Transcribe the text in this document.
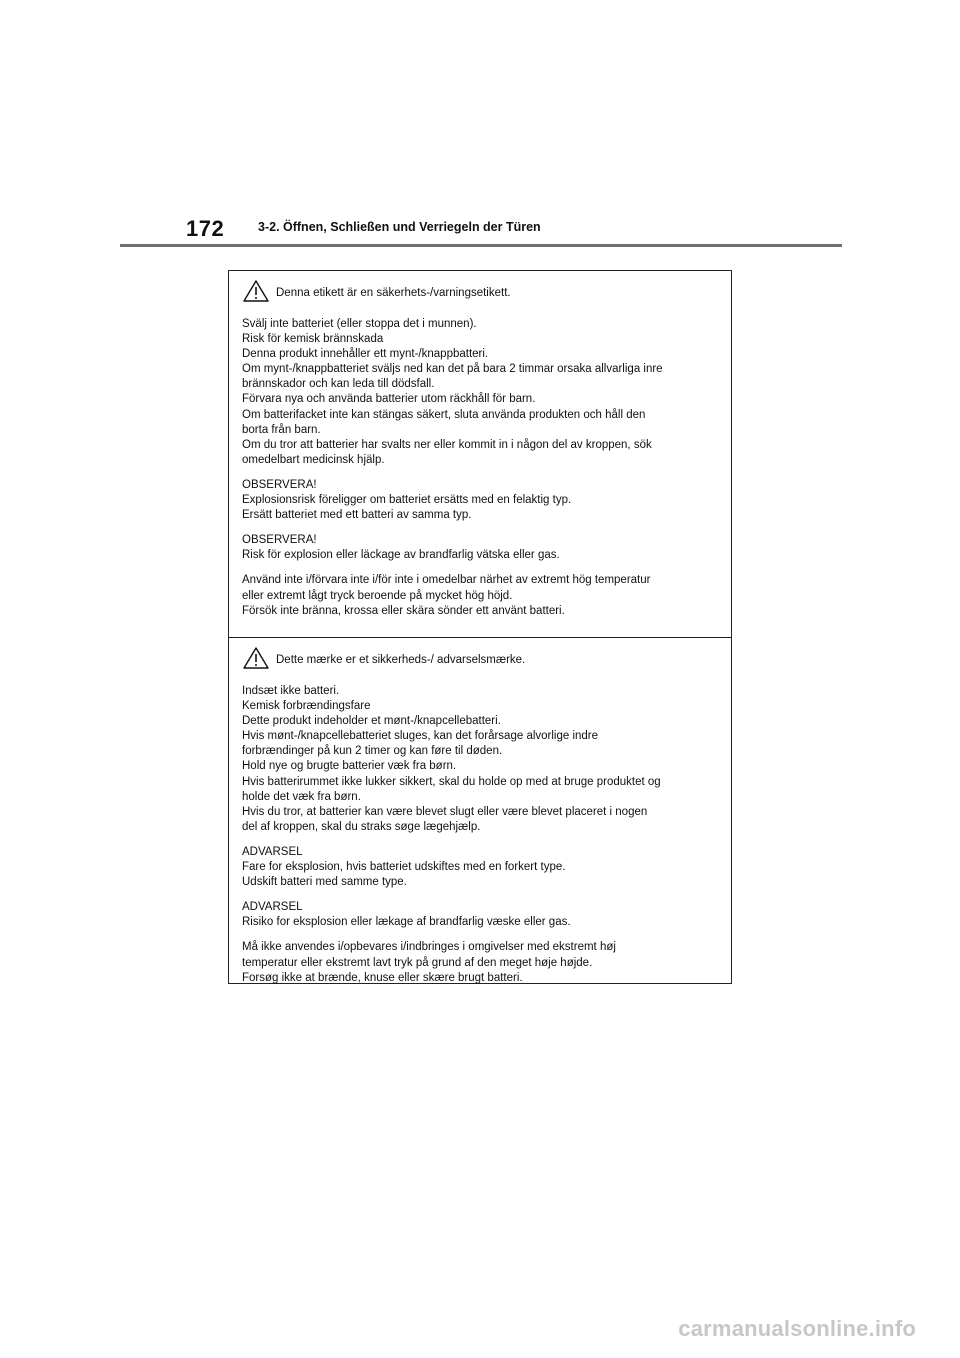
172	3-2. Öffnen, Schließen und Verriegeln der Türen
Denna etikett är en säkerhets-/varningsetikett.
Svälj inte batteriet (eller stoppa det i munnen).
Risk för kemisk brännskada
Denna produkt innehåller ett mynt-/knappbatteri.
Om mynt-/knappbatteriet sväljs ned kan det på bara 2 timmar orsaka allvarliga inre
brännskador och kan leda till dödsfall.
Förvara nya och använda batterier utom räckhåll för barn.
Om batterifacket inte kan stängas säkert, sluta använda produkten och håll den
borta från barn.
Om du tror att batterier har svalts ner eller kommit in i någon del av kroppen, sök
omedelbart medicinsk hjälp.
OBSERVERA!
Explosionsrisk föreligger om batteriet ersätts med en felaktig typ.
Ersätt batteriet med ett batteri av samma typ.
OBSERVERA!
Risk för explosion eller läckage av brandfarlig vätska eller gas.
Använd inte i/förvara inte i/för inte i omedelbar närhet av extremt hög temperatur
eller extremt lågt tryck beroende på mycket hög höjd.
Försök inte bränna, krossa eller skära sönder ett använt batteri.
Dette mærke er et sikkerheds-/ advarselsmærke.
Indsæt ikke batteri.
Kemisk forbrændingsfare
Dette produkt indeholder et mønt-/knapcellebatteri.
Hvis mønt-/knapcellebatteriet sluges, kan det forårsage alvorlige indre
forbrændinger på kun 2 timer og kan føre til døden.
Hold nye og brugte batterier væk fra børn.
Hvis batterirummet ikke lukker sikkert, skal du holde op med at bruge produktet og
holde det væk fra børn.
Hvis du tror, at batterier kan være blevet slugt eller være blevet placeret i nogen
del af kroppen, skal du straks søge lægehjælp.
ADVARSEL
Fare for eksplosion, hvis batteriet udskiftes med en forkert type.
Udskift batteri med samme type.
ADVARSEL
Risiko for eksplosion eller lækage af brandfarlig væske eller gas.
Må ikke anvendes i/opbevares i/indbringes i omgivelser med ekstremt høj
temperatur eller ekstremt lavt tryk på grund af den meget høje højde.
Forsøg ikke at brænde, knuse eller skære brugt batteri.
carmanualsonline.info
